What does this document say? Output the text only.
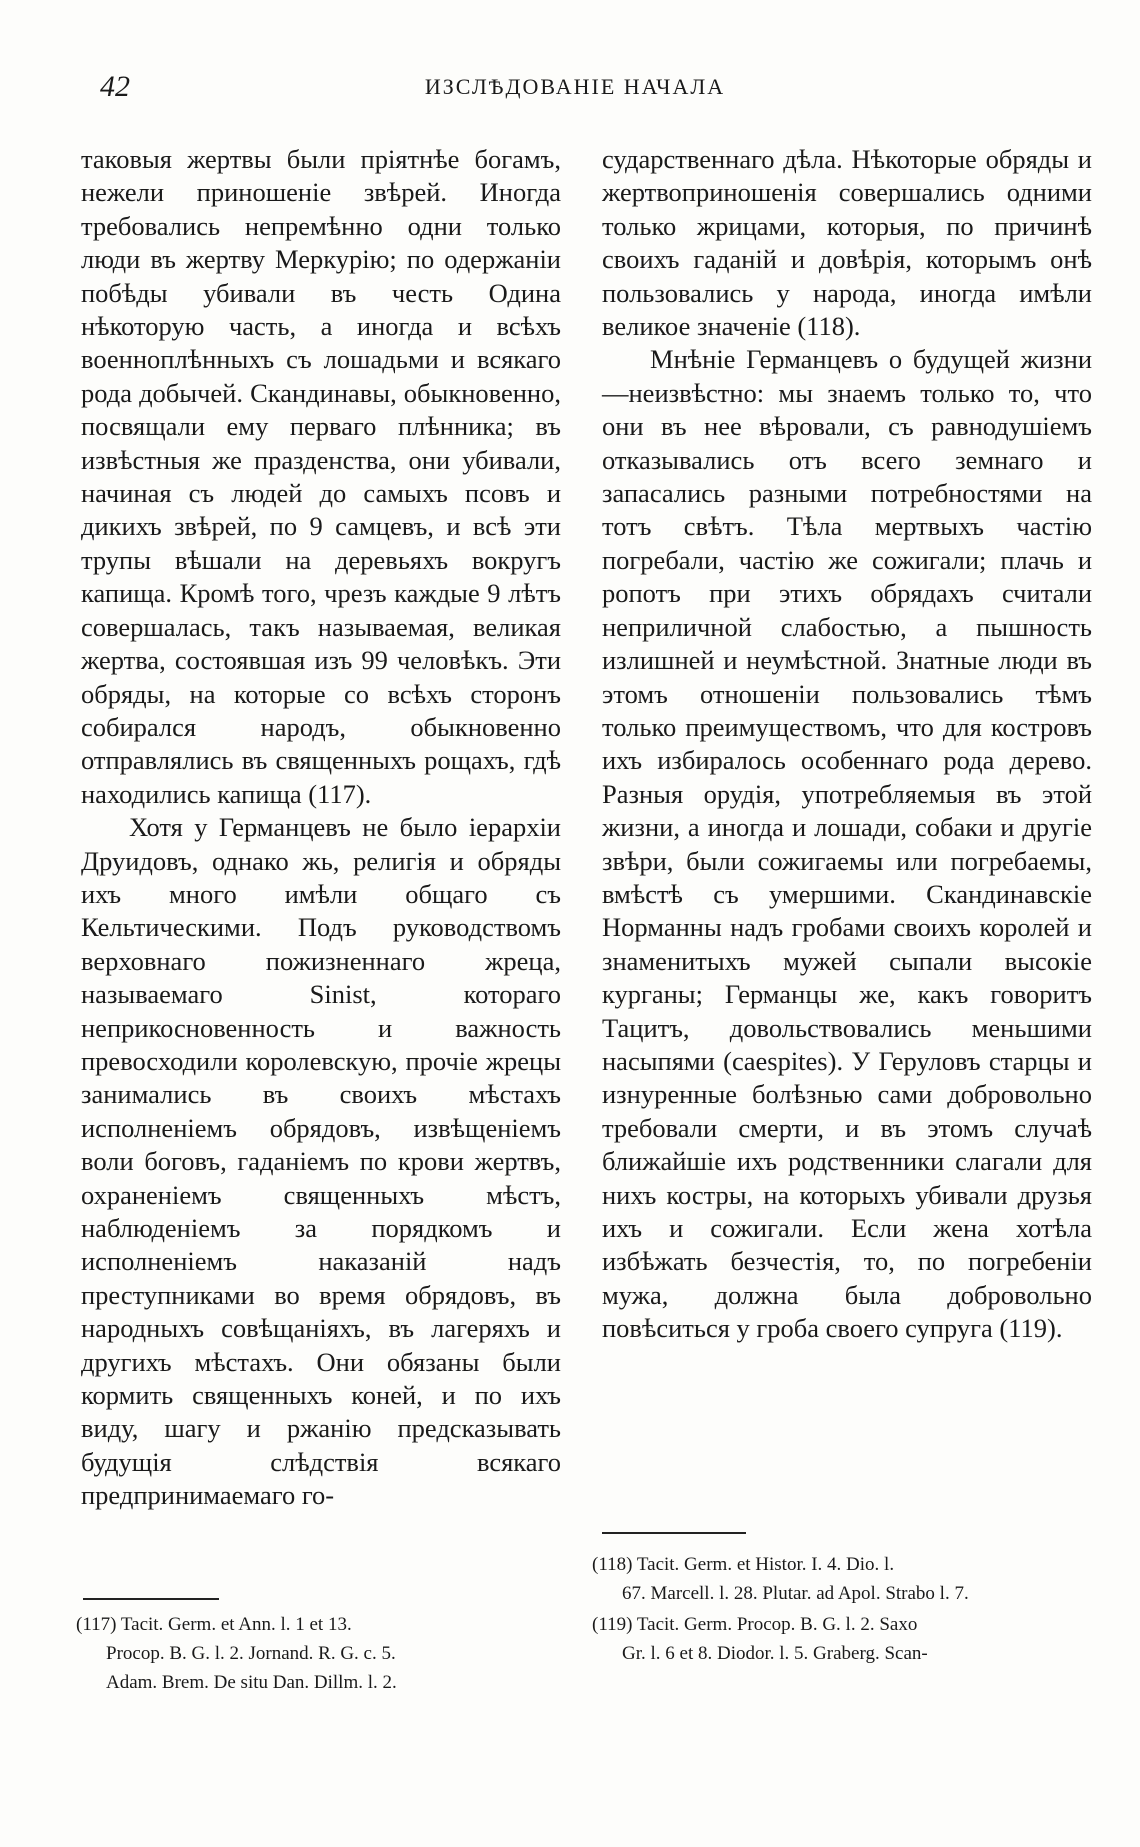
42	ИЗСЛѢДОВАНІЕ НАЧАЛА

таковыя жертвы были пріятнѣе богамъ, нежели приношеніе звѣрей. Иногда требовались непремѣнно одни только люди въ жертву Меркурію; по одержаніи побѣды убивали въ честь Одина нѣкоторую часть, а иногда и всѣхъ военноплѣнныхъ съ лошадьми и всякаго рода добычей. Скандинавы, обыкновенно, посвящали ему перваго плѣнника; въ извѣстныя же празденства, они убивали, начиная съ людей до самыхъ псовъ и дикихъ звѣрей, по 9 самцевъ, и всѣ эти трупы вѣшали на деревьяхъ вокругъ капища. Кромѣ того, чрезъ каждые 9 лѣтъ совершалась, такъ называемая, великая жертва, состоявшая изъ 99 человѣкъ. Эти обряды, на которые со всѣхъ сторонъ собирался народъ, обыкновенно отправлялись въ священныхъ рощахъ, гдѣ находились капища (117).

Хотя у Германцевъ не было іерархіи Друидовъ, однако жь, религія и обряды ихъ много имѣли общаго съ Кельтическими. Подъ руководствомъ верховнаго пожизненнаго жреца, называемаго Sinist, котораго неприкосновенность и важность превосходили королевскую, прочіе жрецы занимались въ своихъ мѣстахъ исполненіемъ обрядовъ, извѣщеніемъ воли боговъ, гаданіемъ по крови жертвъ, охраненіемъ священныхъ мѣстъ, наблюденіемъ за порядкомъ и исполненіемъ наказаній надъ преступниками во время обрядовъ, въ народныхъ совѣщаніяхъ, въ лагеряхъ и другихъ мѣстахъ. Они обязаны были кормить священныхъ коней, и по ихъ виду, шагу и ржанію предсказывать будущія слѣдствія всякаго предпринимаемаго го-

сударственнаго дѣла. Нѣкоторые обряды и жертвоприношенія совершались одними только жрицами, которыя, по причинѣ своихъ гаданій и довѣрія, которымъ онѣ пользовались у народа, иногда имѣли великое значеніе (118).

Мнѣніе Германцевъ о будущей жизни—неизвѣстно: мы знаемъ только то, что они въ нее вѣровали, съ равнодушіемъ отказывались отъ всего земнаго и запасались разными потребностями на тотъ свѣтъ. Тѣла мертвыхъ частію погребали, частію же сожигали; плачь и ропотъ при этихъ обрядахъ считали неприличной слабостью, а пышность излишней и неумѣстной. Знатные люди въ этомъ отношеніи пользовались тѣмъ только преимуществомъ, что для костровъ ихъ избиралось особеннаго рода дерево. Разныя орудія, употребляемыя въ этой жизни, а иногда и лошади, собаки и другіе звѣри, были сожигаемы или погребаемы, вмѣстѣ съ умершими. Скандинавскіе Норманны надъ гробами своихъ королей и знаменитыхъ мужей сыпали высокіе курганы; Германцы же, какъ говоритъ Тацитъ, довольствовались меньшими насыпями (caespites). У Геруловъ старцы и изнуренные болѣзнью сами добровольно требовали смерти, и въ этомъ случаѣ ближайшіе ихъ родственники слагали для нихъ костры, на которыхъ убивали друзья ихъ и сожигали. Если жена хотѣла избѣжать безчестія, то, по погребеніи мужа, должна была добровольно повѣситься у гроба своего супруга (119).

(117) Tacit. Germ. et Ann. l. 1 et 13.
Procop. B. G. l. 2. Jornand. R. G. c. 5.
Adam. Brem. De situ Dan. Dillm. l. 2.
(118) Tacit. Germ. et Histor. I. 4. Dio. l.
67. Marcell. l. 28. Plutar. ad Apol. Strabo l. 7.
(119) Tacit. Germ. Procop. B. G. l. 2. Saxo
Gr. l. 6 et 8. Diodor. l. 5. Graberg. Scan-
